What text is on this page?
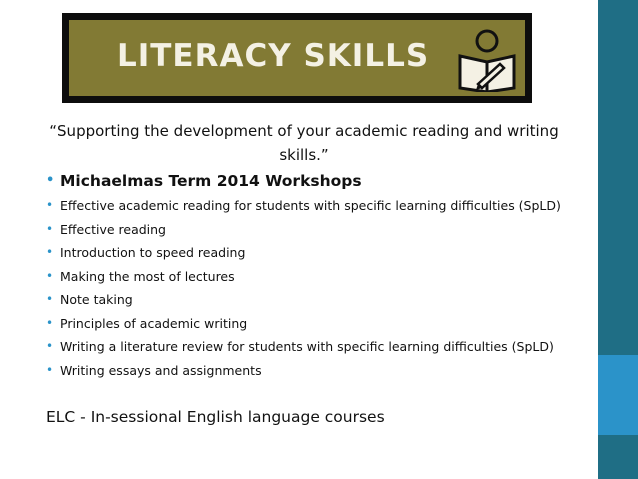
LITERACY SKILLS
“Supporting the development of your academic reading and writing skills.”
• Michaelmas Term 2014 Workshops
• Effective academic reading for students with specific learning difficulties (SpLD)
• Effective reading
• Introduction to speed reading
• Making the most of lectures
• Note taking
• Principles of academic writing
• Writing a literature review for students with specific learning difficulties (SpLD)
• Writing essays and assignments
ELC - In-sessional English language courses
